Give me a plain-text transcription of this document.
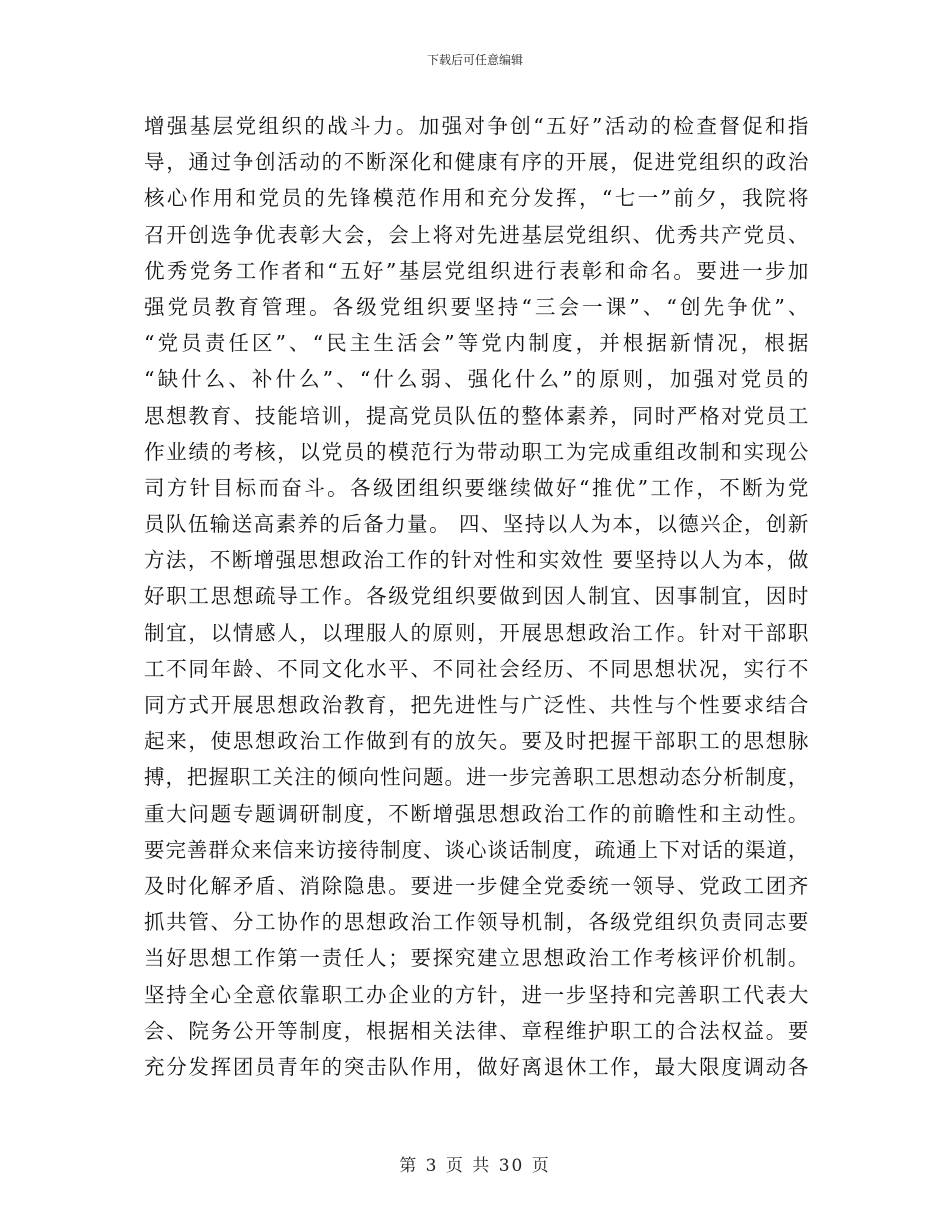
下载后可任意编辑
增强基层党组织的战斗力。加强对争创“五好”活动的检查督促和指
导，通过争创活动的不断深化和健康有序的开展，促进党组织的政治
核心作用和党员的先锋模范作用和充分发挥，“七一”前夕，我院将
召开创选争优表彰大会，会上将对先进基层党组织、优秀共产党员、
优秀党务工作者和“五好”基层党组织进行表彰和命名。要进一步加
强党员教育管理。各级党组织要坚持“三会一课”、“创先争优”、
“党员责任区”、“民主生活会”等党内制度，并根据新情况，根据
“缺什么、补什么”、“什么弱、强化什么”的原则，加强对党员的
思想教育、技能培训，提高党员队伍的整体素养，同时严格对党员工
作业绩的考核，以党员的模范行为带动职工为完成重组改制和实现公
司方针目标而奋斗。各级团组织要继续做好“推优”工作，不断为党
员队伍输送高素养的后备力量。 四、坚持以人为本，以德兴企，创新
方法，不断增强思想政治工作的针对性和实效性 要坚持以人为本，做
好职工思想疏导工作。各级党组织要做到因人制宜、因事制宜，因时
制宜，以情感人，以理服人的原则，开展思想政治工作。针对干部职
工不同年龄、不同文化水平、不同社会经历、不同思想状况，实行不
同方式开展思想政治教育，把先进性与广泛性、共性与个性要求结合
起来，使思想政治工作做到有的放矢。要及时把握干部职工的思想脉
搏，把握职工关注的倾向性问题。进一步完善职工思想动态分析制度，
重大问题专题调研制度，不断增强思想政治工作的前瞻性和主动性。
要完善群众来信来访接待制度、谈心谈话制度，疏通上下对话的渠道，
及时化解矛盾、消除隐患。要进一步健全党委统一领导、党政工团齐
抓共管、分工协作的思想政治工作领导机制，各级党组织负责同志要
当好思想工作第一责任人；要探究建立思想政治工作考核评价机制。
坚持全心全意依靠职工办企业的方针，进一步坚持和完善职工代表大
会、院务公开等制度，根据相关法律、章程维护职工的合法权益。要
充分发挥团员青年的突击队作用，做好离退休工作，最大限度调动各
第 3 页 共 30 页
